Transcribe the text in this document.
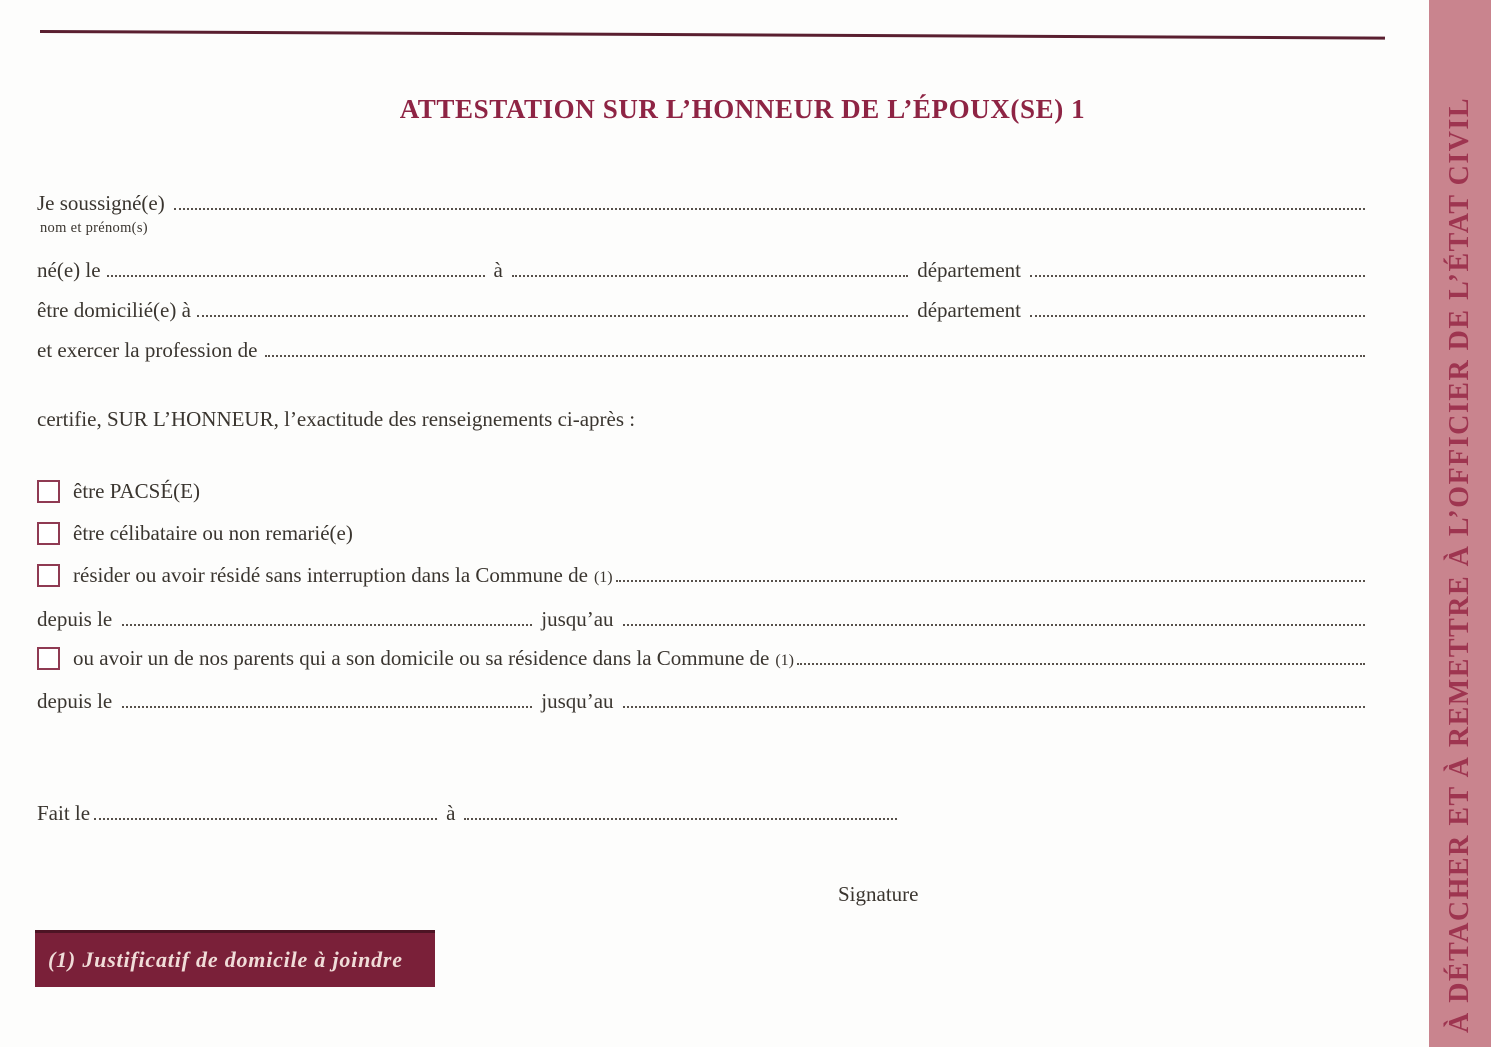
ATTESTATION SUR L’HONNEUR DE L’ÉPOUX(SE) 1
Je soussigné(e)
nom et prénom(s)
né(e) le	à	département
être domicilié(e) à	département
et exercer la profession de
certifie, SUR L’HONNEUR, l’exactitude des renseignements ci-après :
être PACSÉ(E)
être célibataire ou non remarié(e)
résider ou avoir résidé sans interruption dans la Commune de (1)
depuis le	jusqu’au
ou avoir un de nos parents qui a son domicile ou sa résidence dans la Commune de (1)
depuis le	jusqu’au
Fait le	à
Signature
(1) Justificatif de domicile à joindre	À DÉTACHER ET À REMETTRE À L’OFFICIER DE L’ÉTAT CIVIL
